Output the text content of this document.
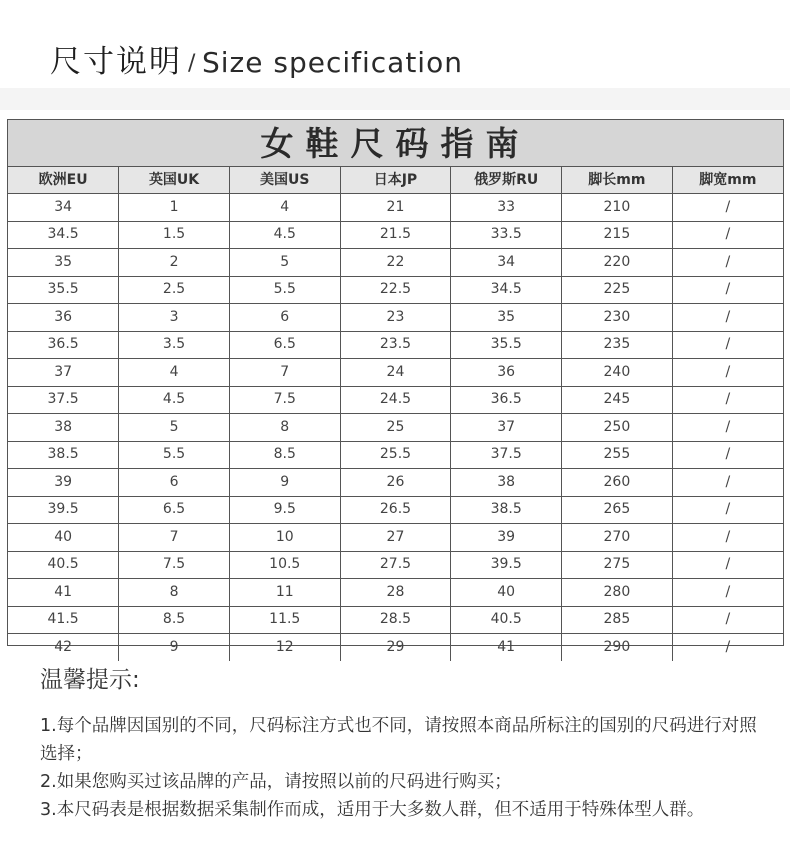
尺寸说明 / Size specification
女鞋尺码指南
欧洲EU	英国UK	美国US	日本JP	俄罗斯RU	脚长mm	脚宽mm
34	1	4	21	33	210	/
34.5	1.5	4.5	21.5	33.5	215	/
35	2	5	22	34	220	/
35.5	2.5	5.5	22.5	34.5	225	/
36	3	6	23	35	230	/
36.5	3.5	6.5	23.5	35.5	235	/
37	4	7	24	36	240	/
37.5	4.5	7.5	24.5	36.5	245	/
38	5	8	25	37	250	/
38.5	5.5	8.5	25.5	37.5	255	/
39	6	9	26	38	260	/
39.5	6.5	9.5	26.5	38.5	265	/
40	7	10	27	39	270	/
40.5	7.5	10.5	27.5	39.5	275	/
41	8	11	28	40	280	/
41.5	8.5	11.5	28.5	40.5	285	/
42	9	12	29	41	290	/
温馨提示:

1.每个品牌因国别的不同，尺码标注方式也不同，请按照本商品所标注的国别的尺码进行对照选择；

2.如果您购买过该品牌的产品，请按照以前的尺码进行购买；

3.本尺码表是根据数据采集制作而成，适用于大多数人群，但不适用于特殊体型人群。
